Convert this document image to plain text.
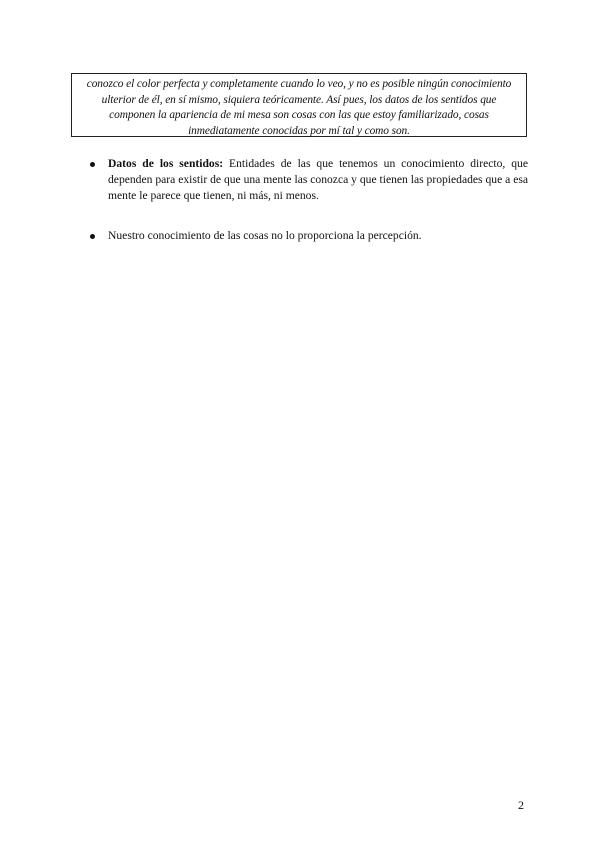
conozco el color perfecta y completamente cuando lo veo, y no es posible ningún conocimiento ulterior de él, en sí mismo, siquiera teóricamente. Así pues, los datos de los sentidos que componen la apariencia de mi mesa son cosas con las que estoy familiarizado, cosas inmediatamente conocidas por mí tal y como son.
Datos de los sentidos: Entidades de las que tenemos un conocimiento directo, que dependen para existir de que una mente las conozca y que tienen las propiedades que a esa mente le parece que tienen, ni más, ni menos.
Nuestro conocimiento de las cosas no lo proporciona la percepción.
2
